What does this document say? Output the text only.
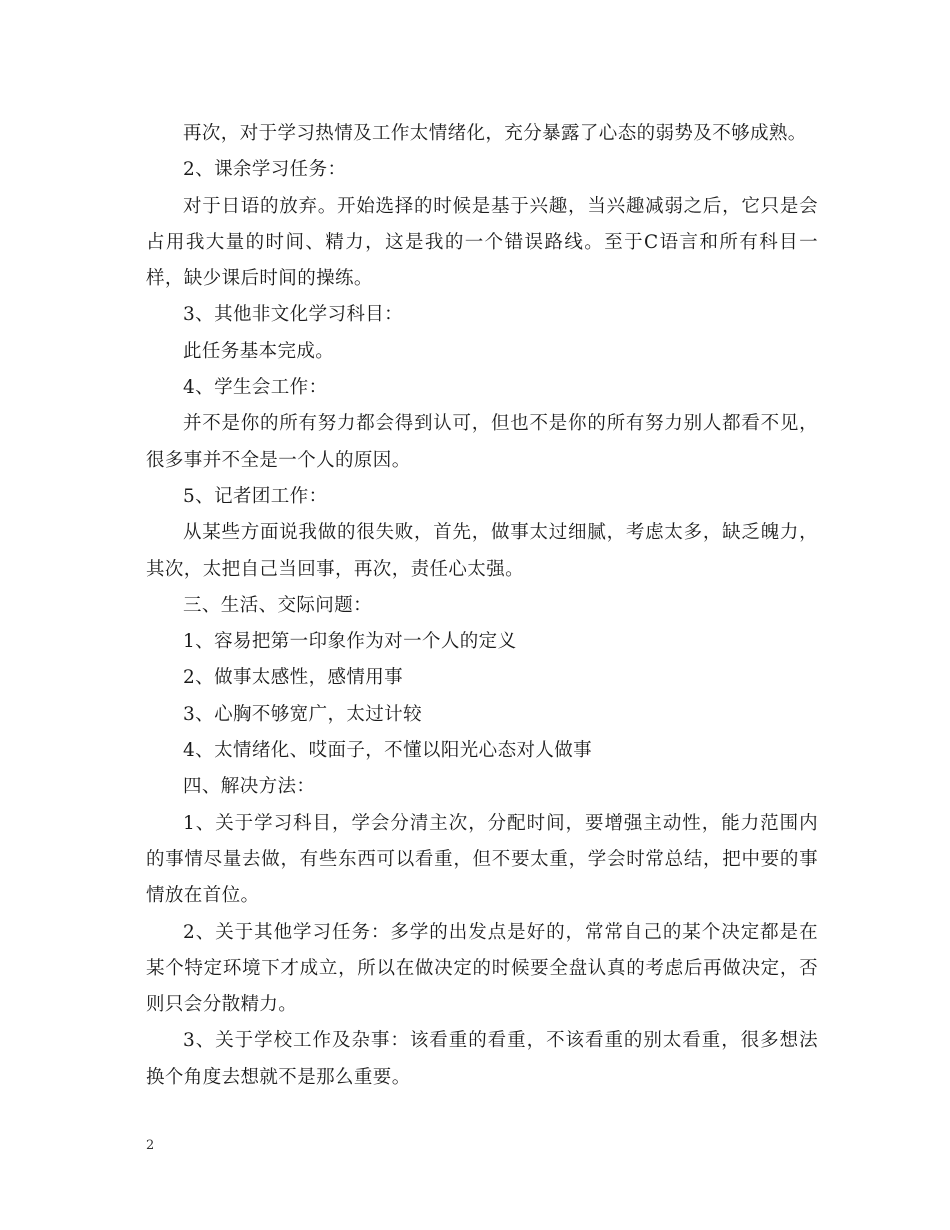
再次，对于学习热情及工作太情绪化，充分暴露了心态的弱势及不够成熟。

2、课余学习任务：

对于日语的放弃。开始选择的时候是基于兴趣，当兴趣减弱之后，它只是会占用我大量的时间、精力，这是我的一个错误路线。至于C语言和所有科目一样，缺少课后时间的操练。

3、其他非文化学习科目：

此任务基本完成。

4、学生会工作：

并不是你的所有努力都会得到认可，但也不是你的所有努力别人都看不见，很多事并不全是一个人的原因。

5、记者团工作：

从某些方面说我做的很失败，首先，做事太过细腻，考虑太多，缺乏魄力，其次，太把自己当回事，再次，责任心太强。

三、生活、交际问题：

1、容易把第一印象作为对一个人的定义

2、做事太感性，感情用事

3、心胸不够宽广，太过计较

4、太情绪化、哎面子，不懂以阳光心态对人做事

四、解决方法：

1、关于学习科目，学会分清主次，分配时间，要增强主动性，能力范围内的事情尽量去做，有些东西可以看重，但不要太重，学会时常总结，把中要的事情放在首位。

2、关于其他学习任务：多学的出发点是好的，常常自己的某个决定都是在某个特定环境下才成立，所以在做决定的时候要全盘认真的考虑后再做决定，否则只会分散精力。

3、关于学校工作及杂事：该看重的看重，不该看重的别太看重，很多想法换个角度去想就不是那么重要。

2
